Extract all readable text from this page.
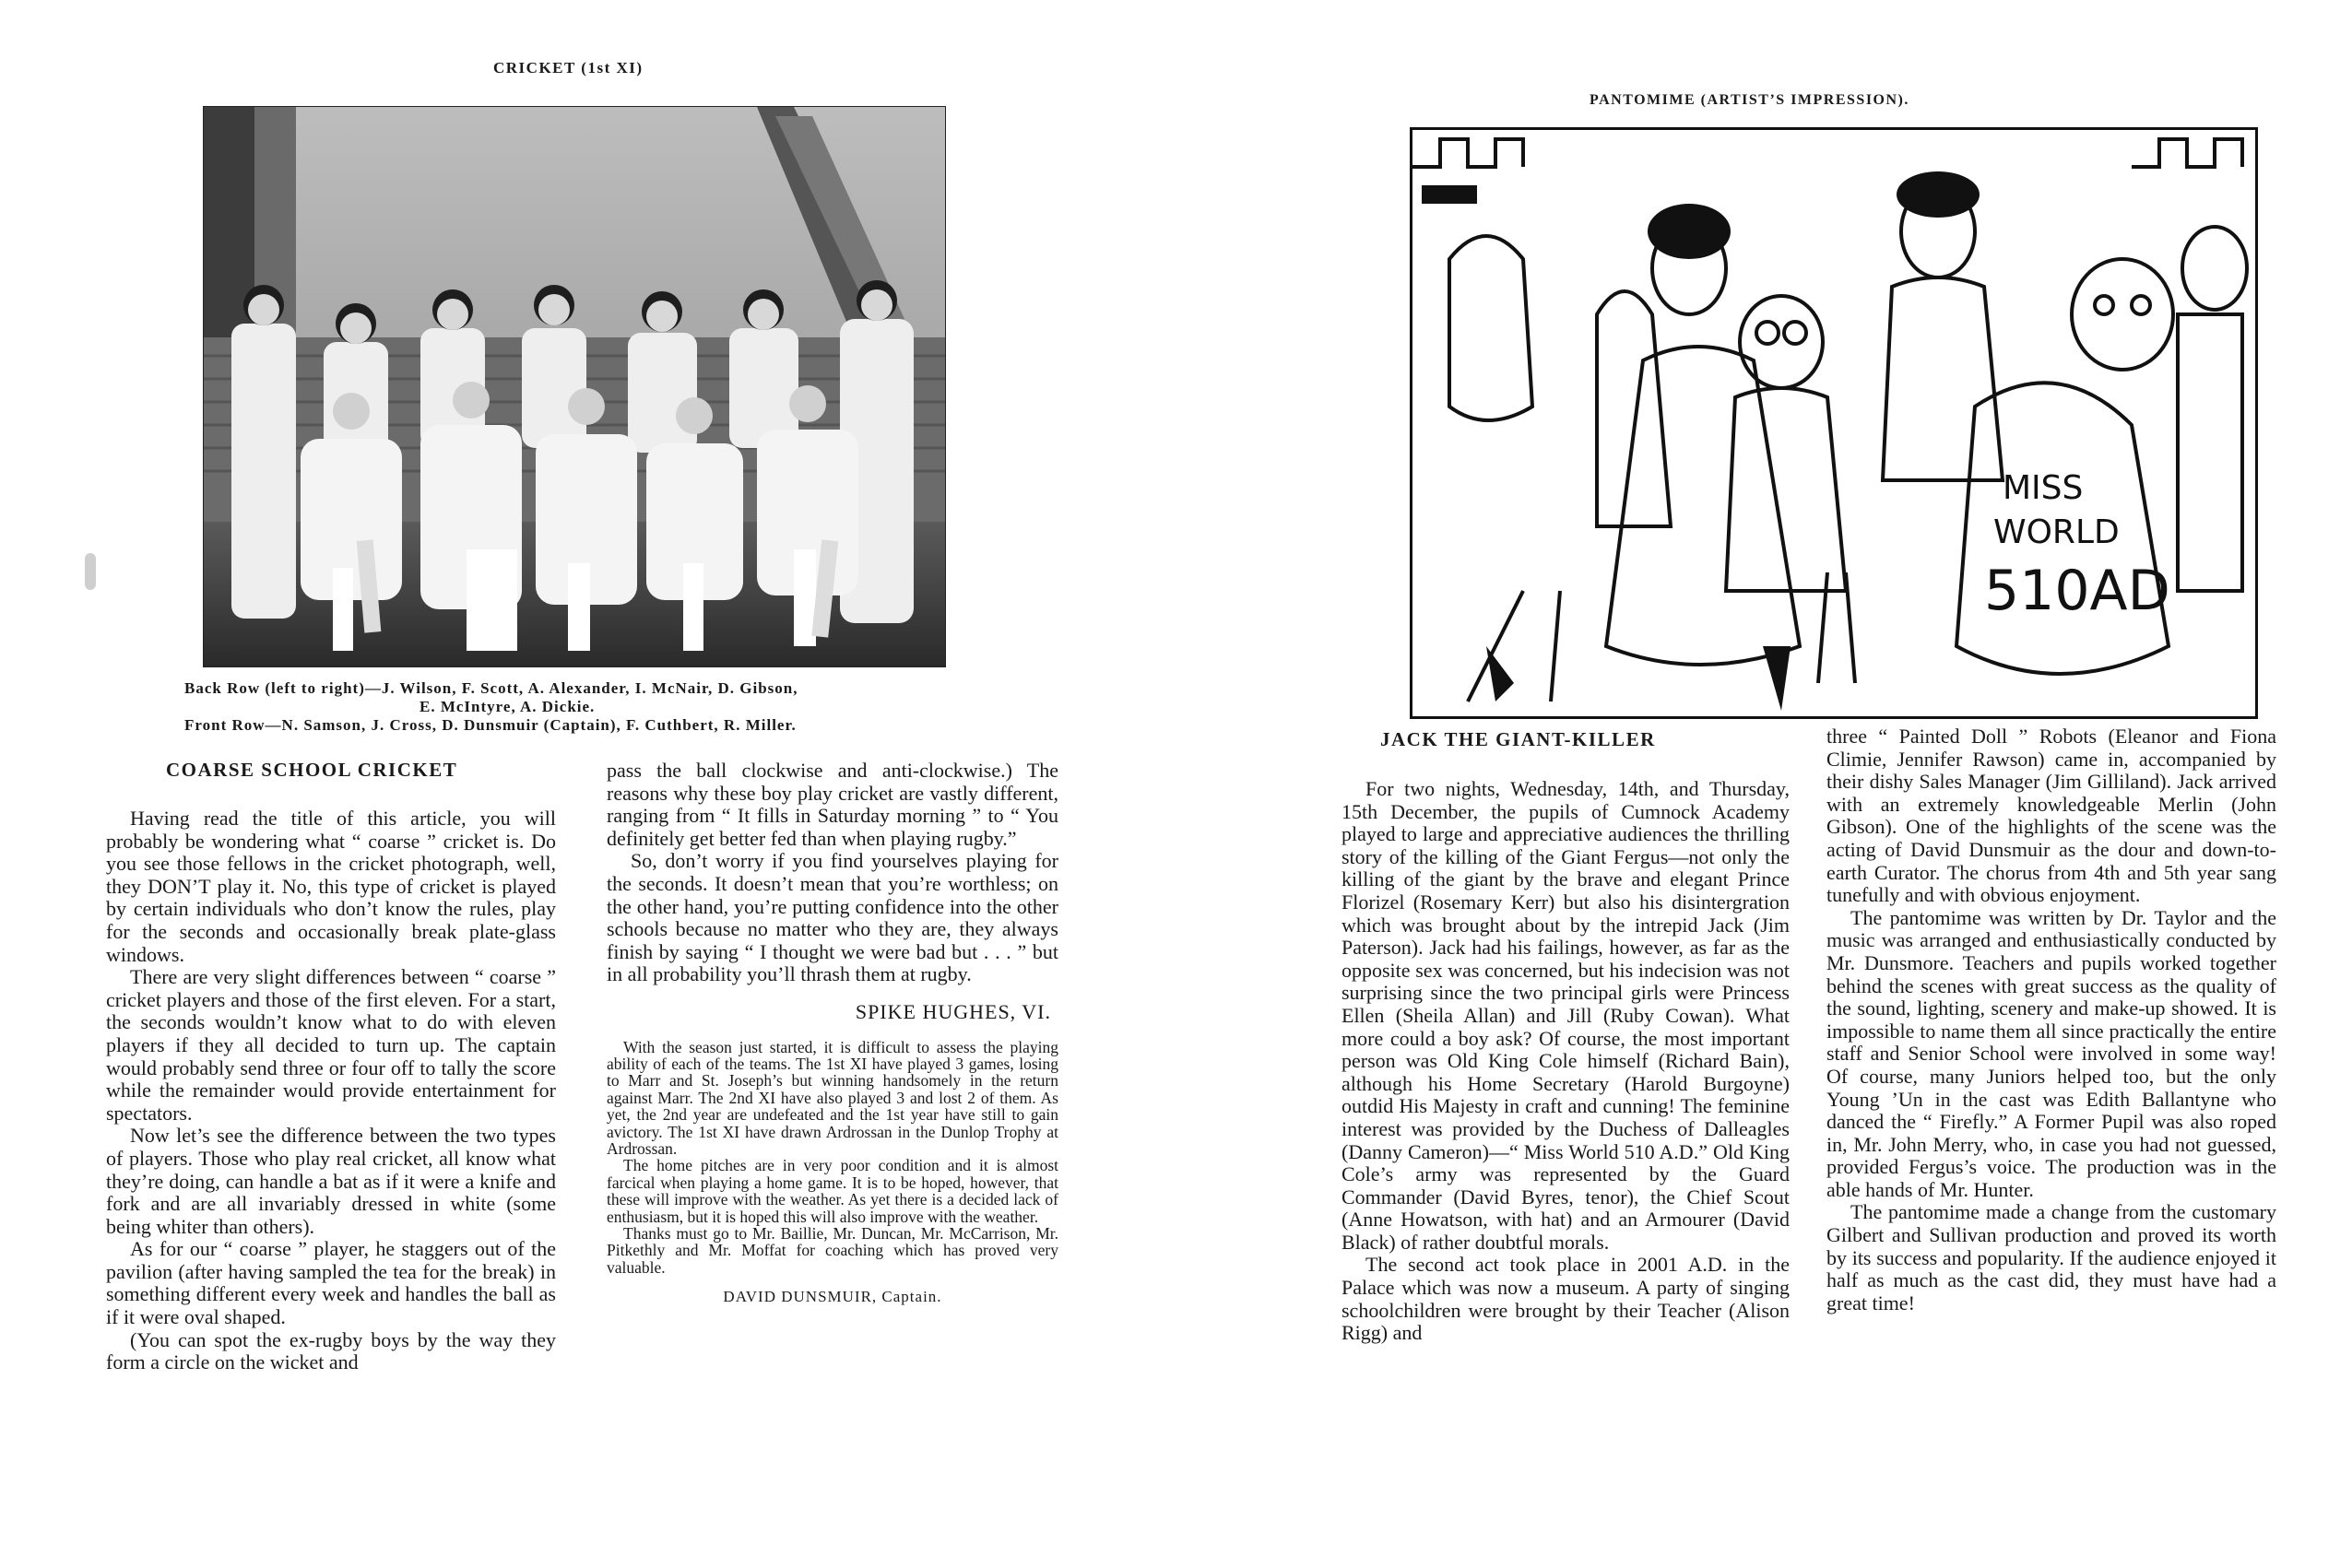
CRICKET (1st XI)
Back Row (left to right)—J. Wilson, F. Scott, A. Alexander, I. McNair, D. Gibson,
E. McIntyre, A. Dickie.
Front Row—N. Samson, J. Cross, D. Dunsmuir (Captain), F. Cuthbert, R. Miller.
COARSE SCHOOL CRICKET

Having read the title of this article, you will probably be wondering what “ coarse ” cricket is. Do you see those fellows in the cricket photograph, well, they DON’T play it. No, this type of cricket is played by certain individuals who don’t know the rules, play for the seconds and occasionally break plate-glass windows.

There are very slight differences between “ coarse ” cricket players and those of the first eleven. For a start, the seconds wouldn’t know what to do with eleven players if they all decided to turn up. The captain would probably send three or four off to tally the score while the remainder would provide entertainment for spectators.

Now let’s see the difference between the two types of players. Those who play real cricket, all know what they’re doing, can handle a bat as if it were a knife and fork and are all invariably dressed in white (some being whiter than others).

As for our “ coarse ” player, he staggers out of the pavilion (after having sampled the tea for the break) in something different every week and handles the ball as if it were oval shaped.

(You can spot the ex-rugby boys by the way they form a circle on the wicket and

pass the ball clockwise and anti-clockwise.) The reasons why these boy play cricket are vastly different, ranging from “ It fills in Saturday morning ” to “ You definitely get better fed than when playing rugby.”

So, don’t worry if you find yourselves playing for the seconds. It doesn’t mean that you’re worthless; on the other hand, you’re putting confidence into the other schools because no matter who they are, they always finish by saying “ I thought we were bad but . . . ” but in all probability you’ll thrash them at rugby.

SPIKE HUGHES, VI.

With the season just started, it is difficult to assess the playing ability of each of the teams. The 1st XI have played 3 games, losing to Marr and St. Joseph’s but winning handsomely in the return against Marr. The 2nd XI have also played 3 and lost 2 of them. As yet, the 2nd year are undefeated and the 1st year have still to gain avictory. The 1st XI have drawn Ardrossan in the Dunlop Trophy at Ardrossan.

The home pitches are in very poor condition and it is almost farcical when playing a home game. It is to be hoped, however, that these will improve with the weather. As yet there is a decided lack of enthusiasm, but it is hoped this will also improve with the weather.

Thanks must go to Mr. Baillie, Mr. Duncan, Mr. McCarrison, Mr. Pitkethly and Mr. Moffat for coaching which has proved very valuable.

DAVID DUNSMUIR, Captain.

PANTOMIME (ARTIST’S IMPRESSION).
MISS
WORLD
510AD
JACK THE GIANT-KILLER

For two nights, Wednesday, 14th, and Thursday, 15th December, the pupils of Cumnock Academy played to large and appreciative audiences the thrilling story of the killing of the Giant Fergus—not only the killing of the giant by the brave and elegant Prince Florizel (Rosemary Kerr) but also his disintergration which was brought about by the intrepid Jack (Jim Paterson). Jack had his failings, however, as far as the opposite sex was concerned, but his indecision was not surprising since the two principal girls were Princess Ellen (Sheila Allan) and Jill (Ruby Cowan). What more could a boy ask? Of course, the most important person was Old King Cole himself (Richard Bain), although his Home Secretary (Harold Burgoyne) outdid His Majesty in craft and cunning! The feminine interest was provided by the Duchess of Dalleagles (Danny Cameron)—“ Miss World 510 A.D.” Old King Cole’s army was represented by the Guard Commander (David Byres, tenor), the Chief Scout (Anne Howatson, with hat) and an Armourer (David Black) of rather doubtful morals.

The second act took place in 2001 A.D. in the Palace which was now a museum. A party of singing schoolchildren were brought by their Teacher (Alison Rigg) and

three “ Painted Doll ” Robots (Eleanor and Fiona Climie, Jennifer Rawson) came in, accompanied by their dishy Sales Manager (Jim Gilliland). Jack arrived with an extremely knowledgeable Merlin (John Gibson). One of the highlights of the scene was the acting of David Dunsmuir as the dour and down-to-earth Curator. The chorus from 4th and 5th year sang tunefully and with obvious enjoyment.

The pantomime was written by Dr. Taylor and the music was arranged and enthusiastically conducted by Mr. Dunsmore. Teachers and pupils worked together behind the scenes with great success as the quality of the sound, lighting, scenery and make-up showed. It is impossible to name them all since practically the entire staff and Senior School were involved in some way! Of course, many Juniors helped too, but the only Young ’Un in the cast was Edith Ballantyne who danced the “ Firefly.” A Former Pupil was also roped in, Mr. John Merry, who, in case you had not guessed, provided Fergus’s voice. The production was in the able hands of Mr. Hunter.

The pantomime made a change from the customary Gilbert and Sullivan production and proved its worth by its success and popularity. If the audience enjoyed it half as much as the cast did, they must have had a great time!
